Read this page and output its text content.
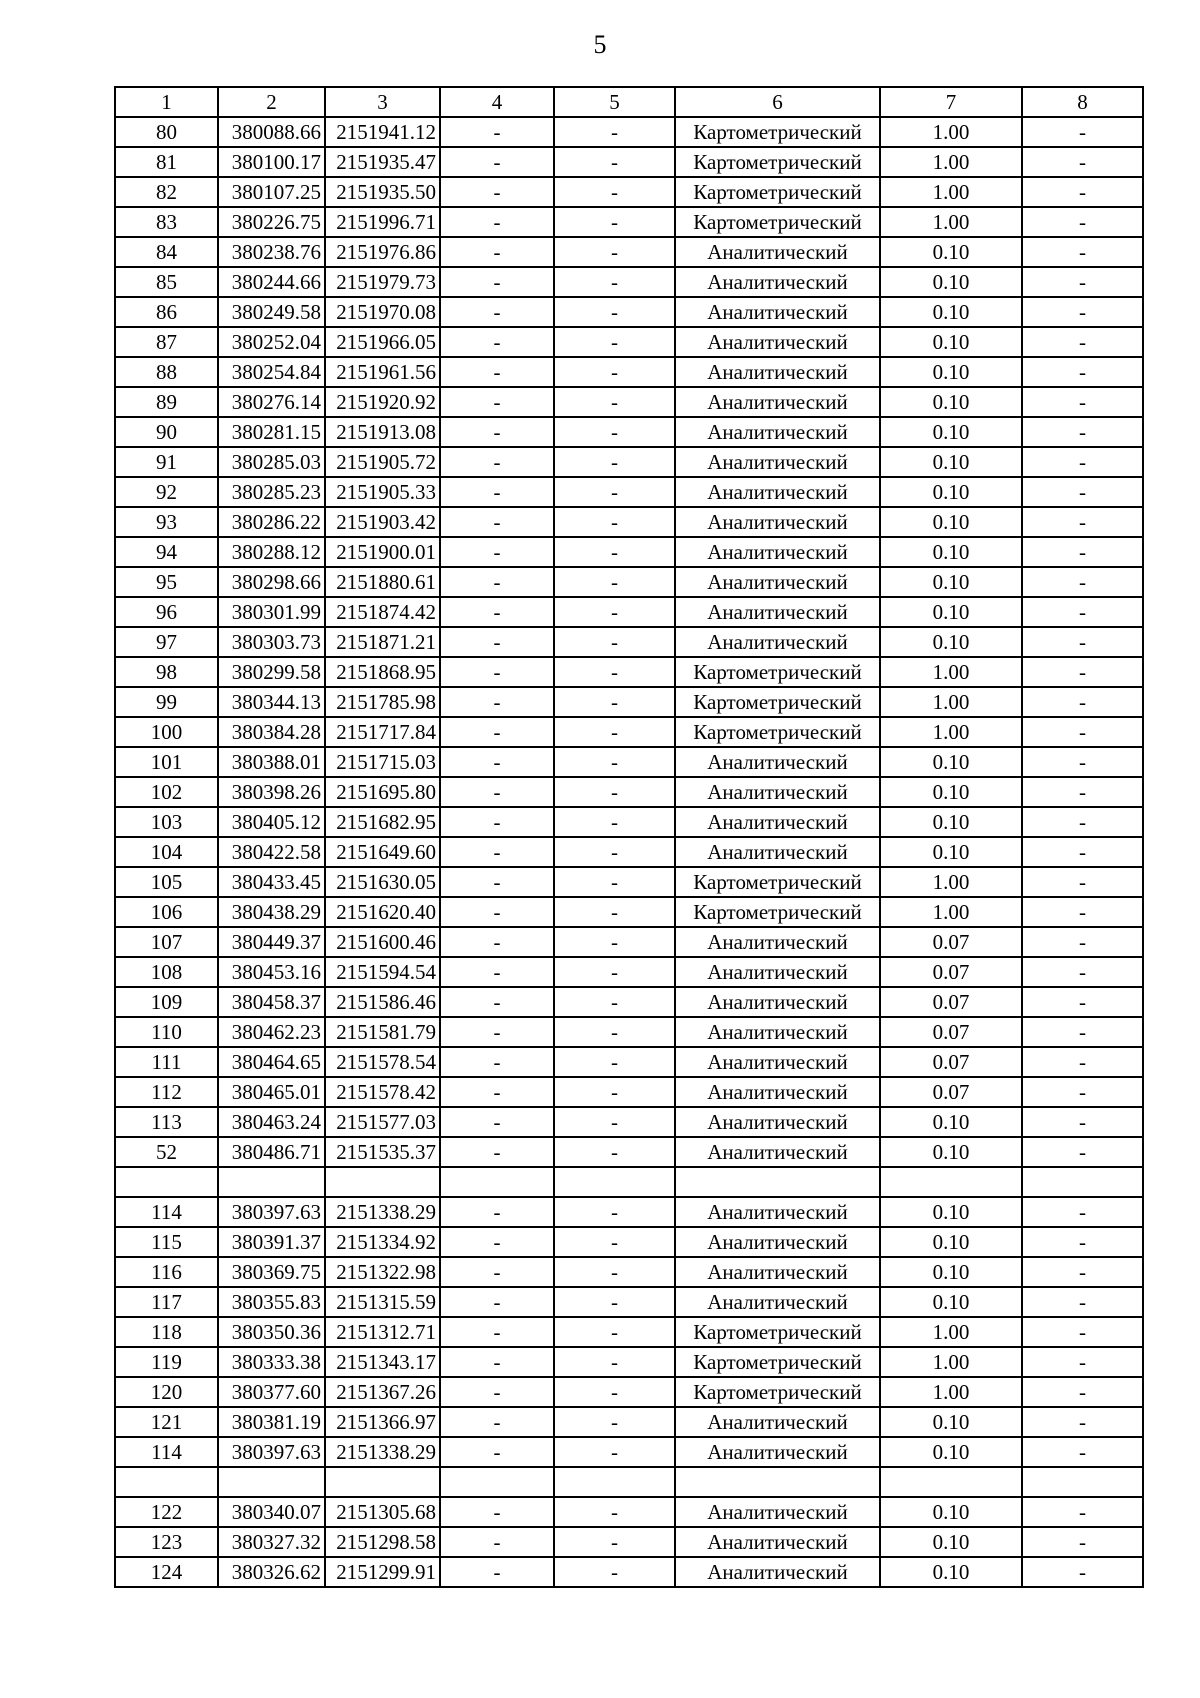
5
1	2	3	4	5	6	7	8
80	380088.66	2151941.12	-	-	Картометрический	1.00	-
81	380100.17	2151935.47	-	-	Картометрический	1.00	-
82	380107.25	2151935.50	-	-	Картометрический	1.00	-
83	380226.75	2151996.71	-	-	Картометрический	1.00	-
84	380238.76	2151976.86	-	-	Аналитический	0.10	-
85	380244.66	2151979.73	-	-	Аналитический	0.10	-
86	380249.58	2151970.08	-	-	Аналитический	0.10	-
87	380252.04	2151966.05	-	-	Аналитический	0.10	-
88	380254.84	2151961.56	-	-	Аналитический	0.10	-
89	380276.14	2151920.92	-	-	Аналитический	0.10	-
90	380281.15	2151913.08	-	-	Аналитический	0.10	-
91	380285.03	2151905.72	-	-	Аналитический	0.10	-
92	380285.23	2151905.33	-	-	Аналитический	0.10	-
93	380286.22	2151903.42	-	-	Аналитический	0.10	-
94	380288.12	2151900.01	-	-	Аналитический	0.10	-
95	380298.66	2151880.61	-	-	Аналитический	0.10	-
96	380301.99	2151874.42	-	-	Аналитический	0.10	-
97	380303.73	2151871.21	-	-	Аналитический	0.10	-
98	380299.58	2151868.95	-	-	Картометрический	1.00	-
99	380344.13	2151785.98	-	-	Картометрический	1.00	-
100	380384.28	2151717.84	-	-	Картометрический	1.00	-
101	380388.01	2151715.03	-	-	Аналитический	0.10	-
102	380398.26	2151695.80	-	-	Аналитический	0.10	-
103	380405.12	2151682.95	-	-	Аналитический	0.10	-
104	380422.58	2151649.60	-	-	Аналитический	0.10	-
105	380433.45	2151630.05	-	-	Картометрический	1.00	-
106	380438.29	2151620.40	-	-	Картометрический	1.00	-
107	380449.37	2151600.46	-	-	Аналитический	0.07	-
108	380453.16	2151594.54	-	-	Аналитический	0.07	-
109	380458.37	2151586.46	-	-	Аналитический	0.07	-
110	380462.23	2151581.79	-	-	Аналитический	0.07	-
111	380464.65	2151578.54	-	-	Аналитический	0.07	-
112	380465.01	2151578.42	-	-	Аналитический	0.07	-
113	380463.24	2151577.03	-	-	Аналитический	0.10	-
52	380486.71	2151535.37	-	-	Аналитический	0.10	-

114	380397.63	2151338.29	-	-	Аналитический	0.10	-
115	380391.37	2151334.92	-	-	Аналитический	0.10	-
116	380369.75	2151322.98	-	-	Аналитический	0.10	-
117	380355.83	2151315.59	-	-	Аналитический	0.10	-
118	380350.36	2151312.71	-	-	Картометрический	1.00	-
119	380333.38	2151343.17	-	-	Картометрический	1.00	-
120	380377.60	2151367.26	-	-	Картометрический	1.00	-
121	380381.19	2151366.97	-	-	Аналитический	0.10	-
114	380397.63	2151338.29	-	-	Аналитический	0.10	-

122	380340.07	2151305.68	-	-	Аналитический	0.10	-
123	380327.32	2151298.58	-	-	Аналитический	0.10	-
124	380326.62	2151299.91	-	-	Аналитический	0.10	-
